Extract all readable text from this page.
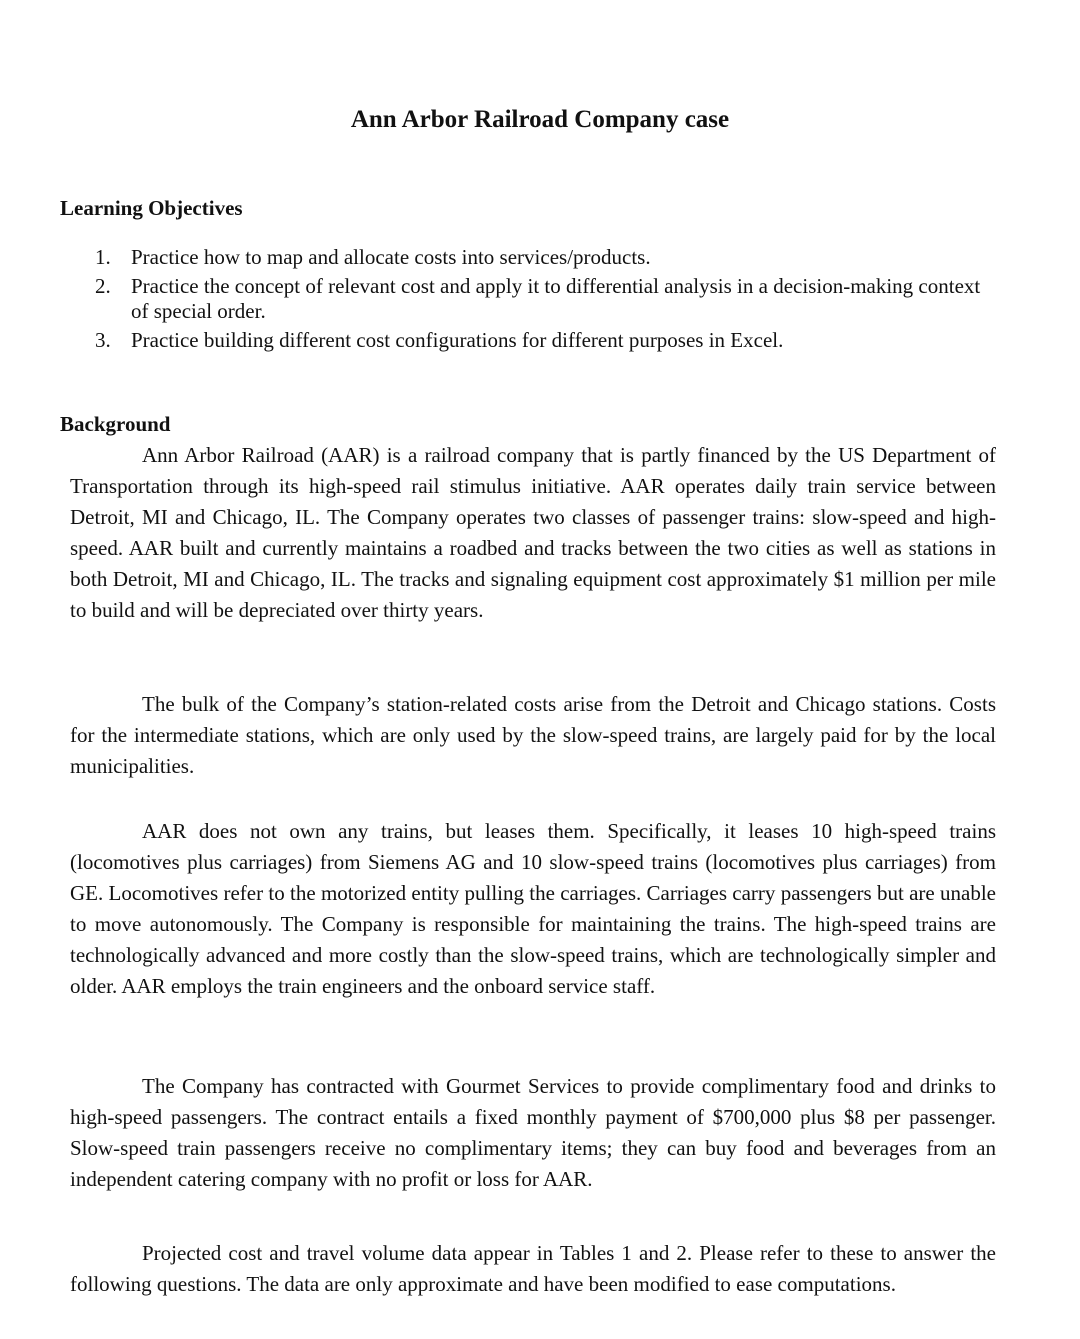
Ann Arbor Railroad Company case
Learning Objectives
1. Practice how to map and allocate costs into services/products.
2. Practice the concept of relevant cost and apply it to differential analysis in a decision-making context of special order.
3. Practice building different cost configurations for different purposes in Excel.
Background

Ann Arbor Railroad (AAR) is a railroad company that is partly financed by the US Department of Transportation through its high-speed rail stimulus initiative. AAR operates daily train service between Detroit, MI and Chicago, IL. The Company operates two classes of passenger trains: slow-speed and high-speed. AAR built and currently maintains a roadbed and tracks between the two cities as well as stations in both Detroit, MI and Chicago, IL. The tracks and signaling equipment cost approximately $1 million per mile to build and will be depreciated over thirty years.

The bulk of the Company’s station-related costs arise from the Detroit and Chicago stations. Costs for the intermediate stations, which are only used by the slow-speed trains, are largely paid for by the local municipalities.

AAR does not own any trains, but leases them. Specifically, it leases 10 high-speed trains (locomotives plus carriages) from Siemens AG and 10 slow-speed trains (locomotives plus carriages) from GE. Locomotives refer to the motorized entity pulling the carriages. Carriages carry passengers but are unable to move autonomously. The Company is responsible for maintaining the trains. The high-speed trains are technologically advanced and more costly than the slow-speed trains, which are technologically simpler and older. AAR employs the train engineers and the onboard service staff.

The Company has contracted with Gourmet Services to provide complimentary food and drinks to high-speed passengers. The contract entails a fixed monthly payment of $700,000 plus $8 per passenger. Slow-speed train passengers receive no complimentary items; they can buy food and beverages from an independent catering company with no profit or loss for AAR.

Projected cost and travel volume data appear in Tables 1 and 2. Please refer to these to answer the following questions. The data are only approximate and have been modified to ease computations.
